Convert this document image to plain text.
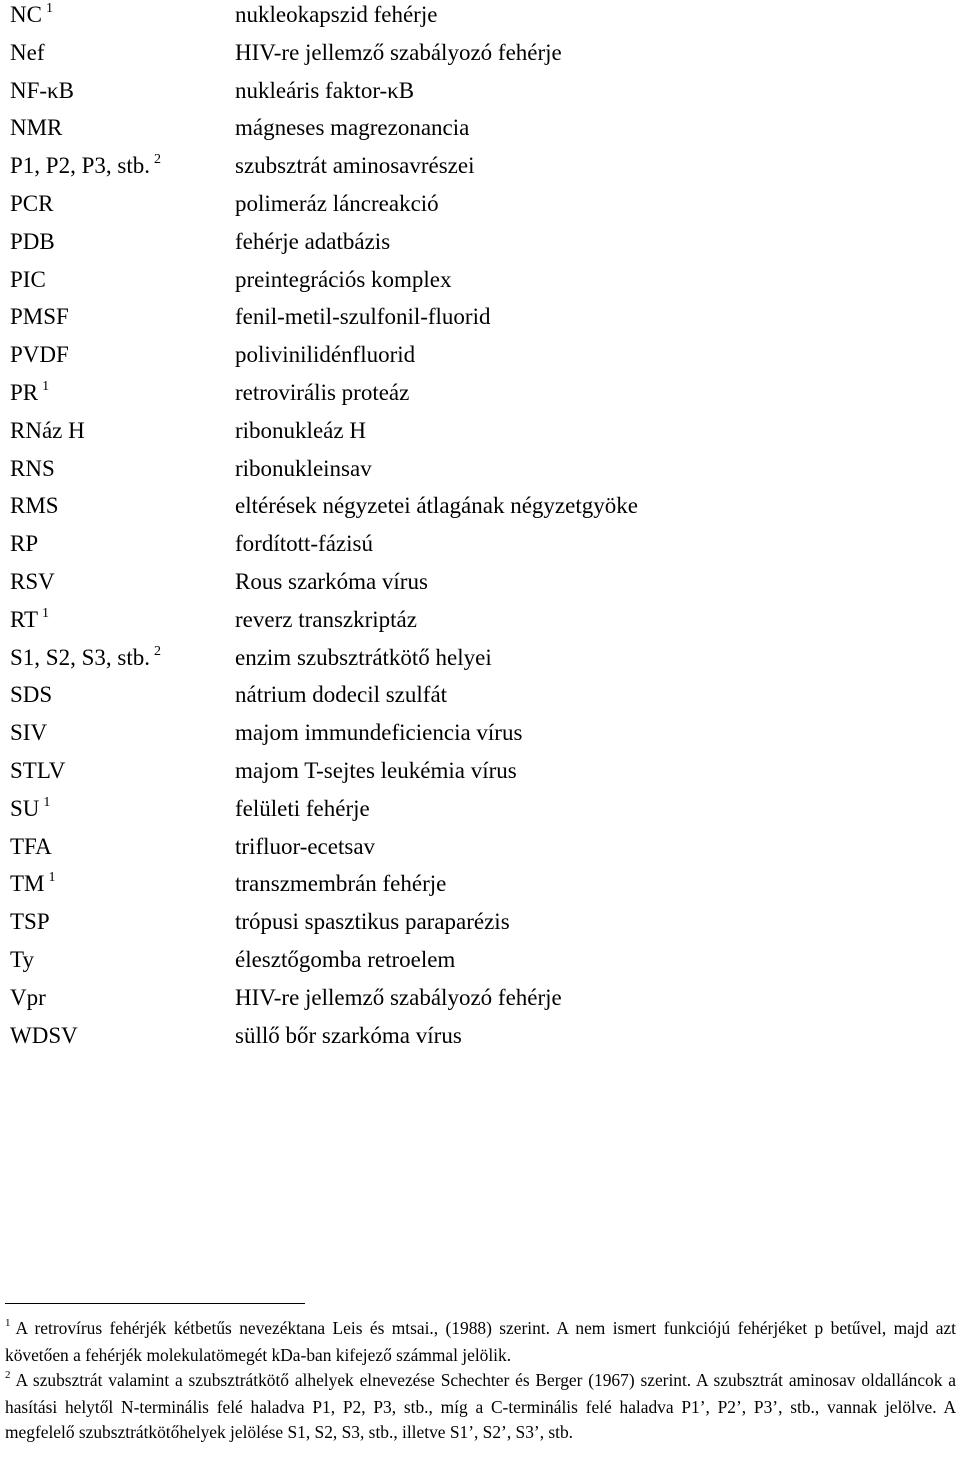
NC $^1$	nukleokapszid fehérje
Nef	HIV-re jellemző szabályozó fehérje
NF-κB	nukleáris faktor-κB
NMR	mágneses magrezonancia
P1, P2, P3, stb. $^2$	szubsztrát aminosavrészei
PCR	polimeráz láncreakció
PDB	fehérje adatbázis
PIC	preintegrációs komplex
PMSF	fenil-metil-szulfonil-fluorid
PVDF	polivinilidénfluorid
PR $^1$	retrovirális proteáz
RNáz H	ribonukleáz H
RNS	ribonukleinsav
RMS	eltérések négyzetei átlagának négyzetgyöke
RP	fordított-fázisú
RSV	Rous szarkóma vírus
RT $^1$	reverz transzkriptáz
S1, S2, S3, stb. $^2$	enzim szubsztrátkötő helyei
SDS	nátrium dodecil szulfát
SIV	majom immundeficiencia vírus
STLV	majom T-sejtes leukémia vírus
SU $^1$	felületi fehérje
TFA	trifluor-ecetsav
TM $^1$	transzmembrán fehérje
TSP	trópusi spasztikus paraparézis
Ty	élesztőgomba retroelem
Vpr	HIV-re jellemző szabályozó fehérje
WDSV	süllő bőr szarkóma vírus

$^1$ A retrovírus fehérjék kétbetűs nevezéktana Leis és mtsai., (1988) szerint. A nem ismert funkciójú fehérjéket p betűvel, majd azt követően a fehérjék molekulatömegét kDa-ban kifejező számmal jelölik.

$^2$ A szubsztrát valamint a szubsztrátkötő alhelyek elnevezése Schechter és Berger (1967) szerint. A szubsztrát aminosav oldalláncok a hasítási helytől N-terminális felé haladva P1, P2, P3, stb., míg a C-terminális felé haladva P1’, P2’, P3’, stb., vannak jelölve. A megfelelő szubsztrátkötőhelyek jelölése S1, S2, S3, stb., illetve S1’, S2’, S3’, stb.
